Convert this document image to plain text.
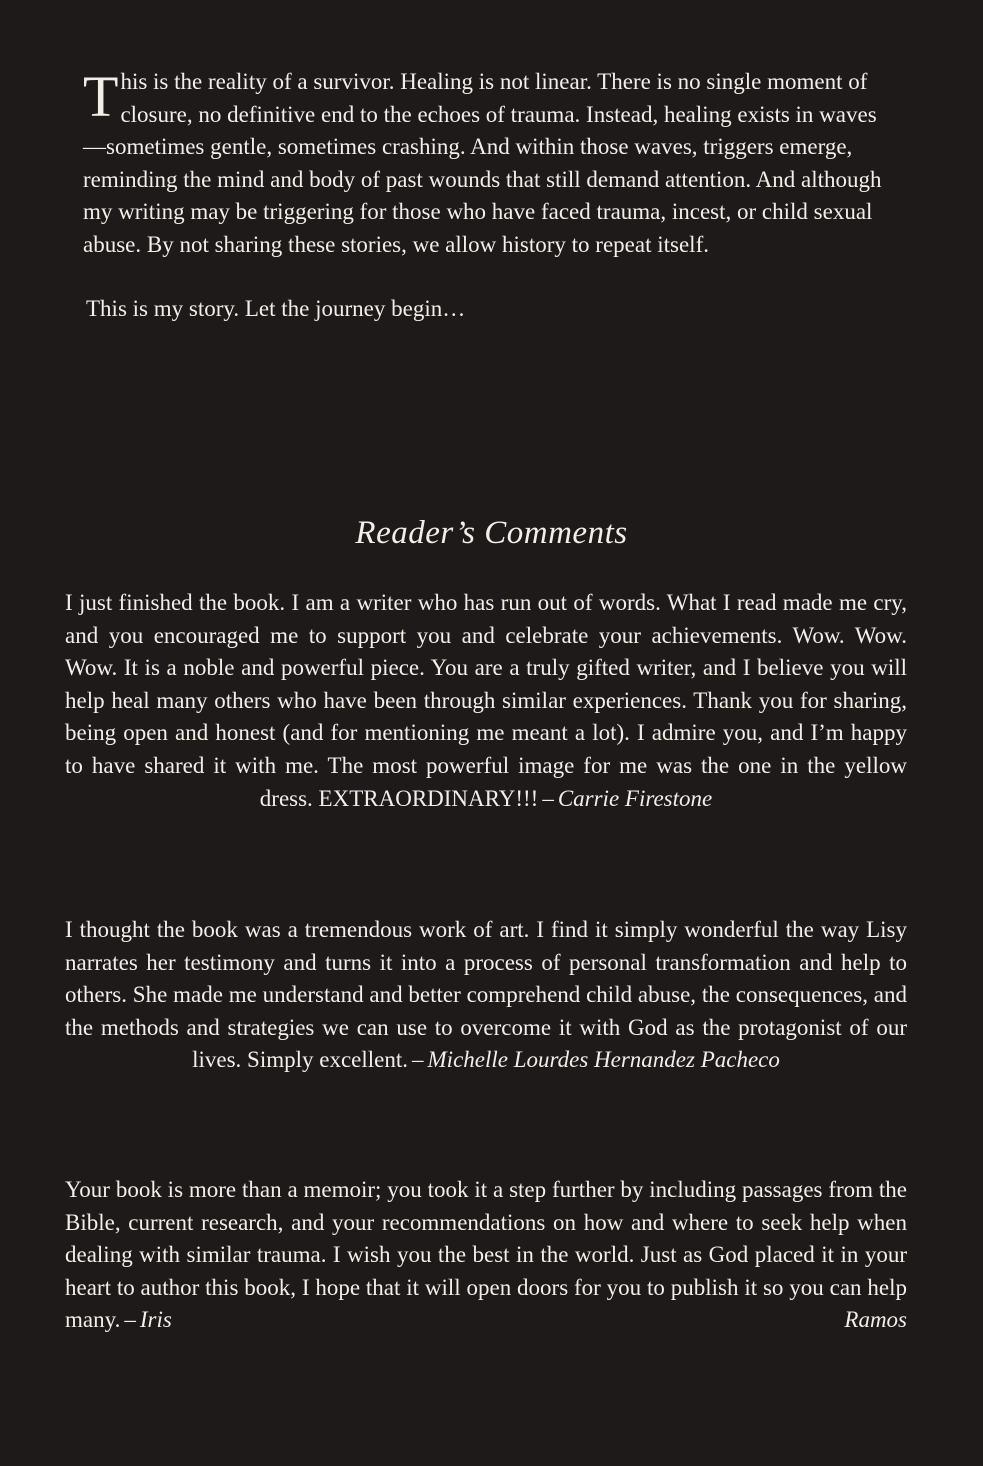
This is the reality of a survivor. Healing is not linear. There is no single moment of closure, no definitive end to the echoes of trauma. Instead, healing exists in waves—sometimes gentle, sometimes crashing. And within those waves, triggers emerge, reminding the mind and body of past wounds that still demand attention. And although my writing may be triggering for those who have faced trauma, incest, or child sexual abuse. By not sharing these stories, we allow history to repeat itself.

This is my story. Let the journey begin…

Reader’s Comments

I just finished the book. I am a writer who has run out of words. What I read made me cry, and you encouraged me to support you and celebrate your achievements. Wow. Wow. Wow. It is a noble and powerful piece. You are a truly gifted writer, and I believe you will help heal many others who have been through similar experiences. Thank you for sharing, being open and honest (and for mentioning me meant a lot). I admire you, and I’m happy to have shared it with me. The most powerful image for me was the one in the yellow dress. EXTRAORDINARY!!! – Carrie Firestone

I thought the book was a tremendous work of art. I find it simply wonderful the way Lisy narrates her testimony and turns it into a process of personal transformation and help to others. She made me understand and better comprehend child abuse, the consequences, and the methods and strategies we can use to overcome it with God as the protagonist of our lives. Simply excellent. – Michelle Lourdes Hernandez Pacheco

Your book is more than a memoir; you took it a step further by including passages from the Bible, current research, and your recommendations on how and where to seek help when dealing with similar trauma. I wish you the best in the world. Just as God placed it in your heart to author this book, I hope that it will open doors for you to publish it so you can help many. – Iris Ramos
